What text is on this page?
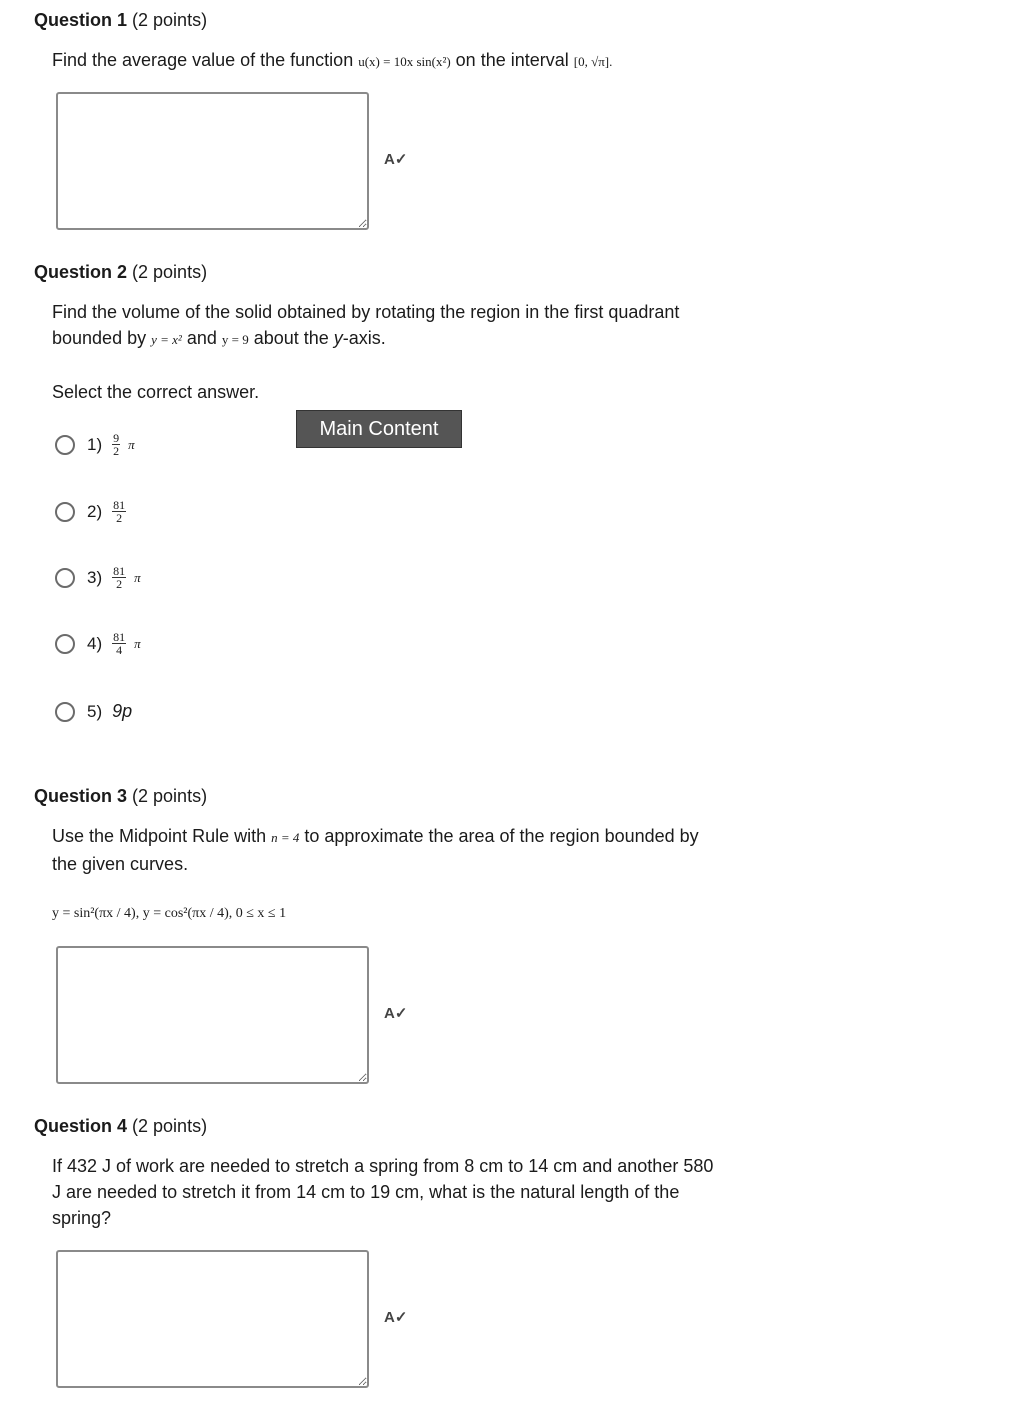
Question 1 (2 points)
Find the average value of the function u(x) = 10x sin(x²) on the interval [0, √π].
A✓
Question 2 (2 points)
Find the volume of the solid obtained by rotating the region in the first quadrant
bounded by y = x² and y = 9 about the y-axis.
Select the correct answer.
$1) \frac{9}{2}$ π
$2) \frac{81}{2}$
$3) \frac{81}{2}$ π
$4) \frac{81}{4}$ π
5) 9p
Main Content
Question 3 (2 points)
Use the Midpoint Rule with n = 4 to approximate the area of the region bounded by
the given curves.
y = sin²(πx / 4), y = cos²(πx / 4), 0 ≤ x ≤ 1
A✓
Question 4 (2 points)
If 432 J of work are needed to stretch a spring from 8 cm to 14 cm and another 580
J are needed to stretch it from 14 cm to 19 cm, what is the natural length of the
spring?
A✓
